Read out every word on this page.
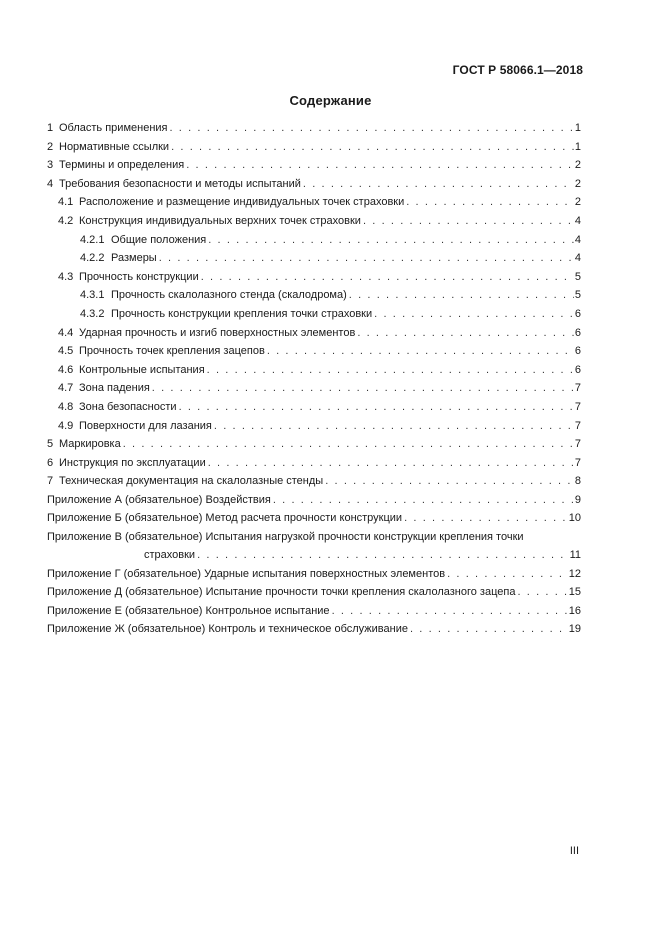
ГОСТ Р 58066.1—2018
Содержание
1 Область применения . . .	1
2 Нормативные ссылки . . .	1
3 Термины и определения . . .	2
4 Требования безопасности и методы испытаний . . .	2
4.1 Расположение и размещение индивидуальных точек страховки . . .	2
4.2 Конструкция индивидуальных верхних точек страховки . . .	4
4.2.1 Общие положения . . .	4
4.2.2 Размеры . . .	4
4.3 Прочность конструкции . . .	5
4.3.1 Прочность скалолазного стенда (скалодрома) . . .	5
4.3.2 Прочность конструкции крепления точки страховки . . .	6
4.4 Ударная прочность и изгиб поверхностных элементов . . .	6
4.5 Прочность точек крепления зацепов . . .	6
4.6 Контрольные испытания . . .	6
4.7 Зона падения . . .	7
4.8 Зона безопасности . . .	7
4.9 Поверхности для лазания . . .	7
5 Маркировка . . .	7
6 Инструкция по эксплуатации . . .	7
7 Техническая документация на скалолазные стенды . . .	8
Приложение А (обязательное) Воздействия . . .	9
Приложение Б (обязательное) Метод расчета прочности конструкции . . .	10
Приложение В (обязательное) Испытания нагрузкой прочности конструкции крепления точки
страховки . . .	11
Приложение Г (обязательное) Ударные испытания поверхностных элементов . . .	12
Приложение Д (обязательное) Испытание прочности точки крепления скалолазного зацепа . . .	15
Приложение Е (обязательное) Контрольное испытание . . .	16
Приложение Ж (обязательное) Контроль и техническое обслуживание . . .	19
III
